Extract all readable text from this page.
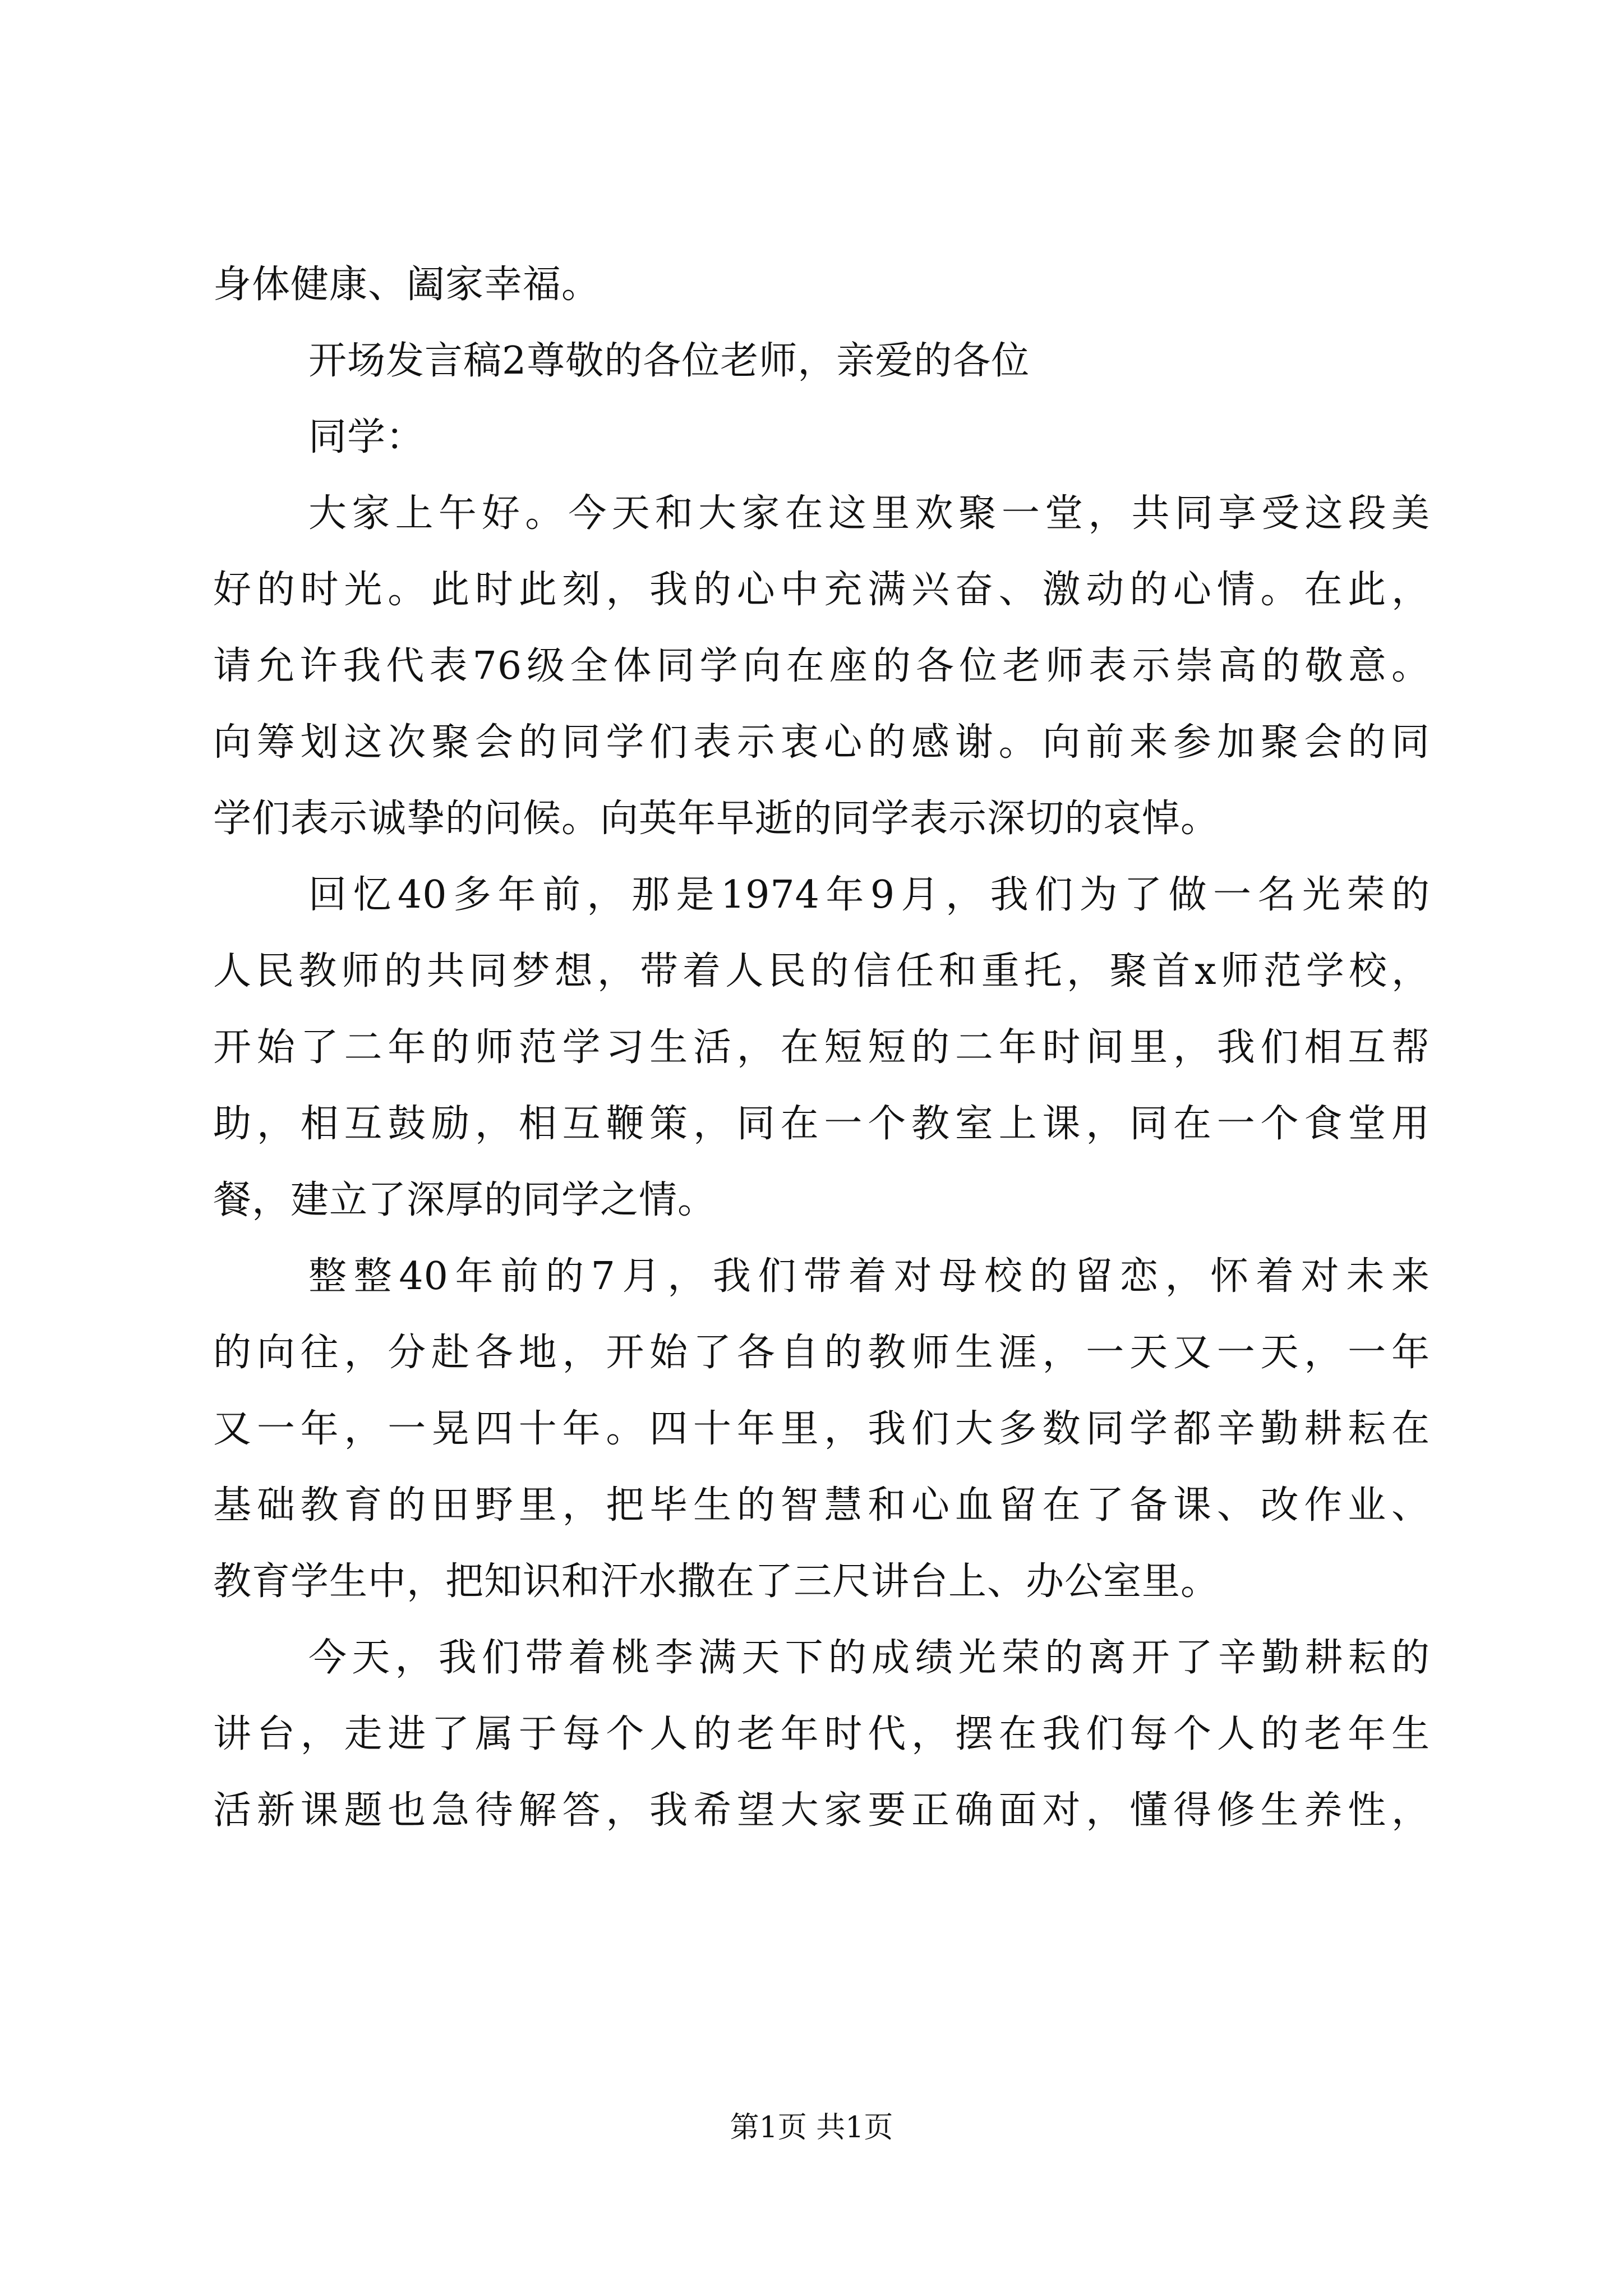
身体健康、阖家幸福。
开场发言稿2尊敬的各位老师，亲爱的各位
同学：
大家上午好。今天和大家在这里欢聚一堂，共同享受这段美
好的时光。此时此刻，我的心中充满兴奋、激动的心情。在此，
请允许我代表76级全体同学向在座的各位老师表示崇高的敬意。
向筹划这次聚会的同学们表示衷心的感谢。向前来参加聚会的同
学们表示诚挚的问候。向英年早逝的同学表示深切的哀悼。
回忆40多年前，那是1974年9月，我们为了做一名光荣的
人民教师的共同梦想，带着人民的信任和重托，聚首x师范学校，
开始了二年的师范学习生活，在短短的二年时间里，我们相互帮
助，相互鼓励，相互鞭策，同在一个教室上课，同在一个食堂用
餐，建立了深厚的同学之情。
整整40年前的7月，我们带着对母校的留恋，怀着对未来
的向往，分赴各地，开始了各自的教师生涯，一天又一天，一年
又一年，一晃四十年。四十年里，我们大多数同学都辛勤耕耘在
基础教育的田野里，把毕生的智慧和心血留在了备课、改作业、
教育学生中，把知识和汗水撒在了三尺讲台上、办公室里。
今天，我们带着桃李满天下的成绩光荣的离开了辛勤耕耘的
讲台，走进了属于每个人的老年时代，摆在我们每个人的老年生
活新课题也急待解答，我希望大家要正确面对，懂得修生养性，
第1页 共1页
